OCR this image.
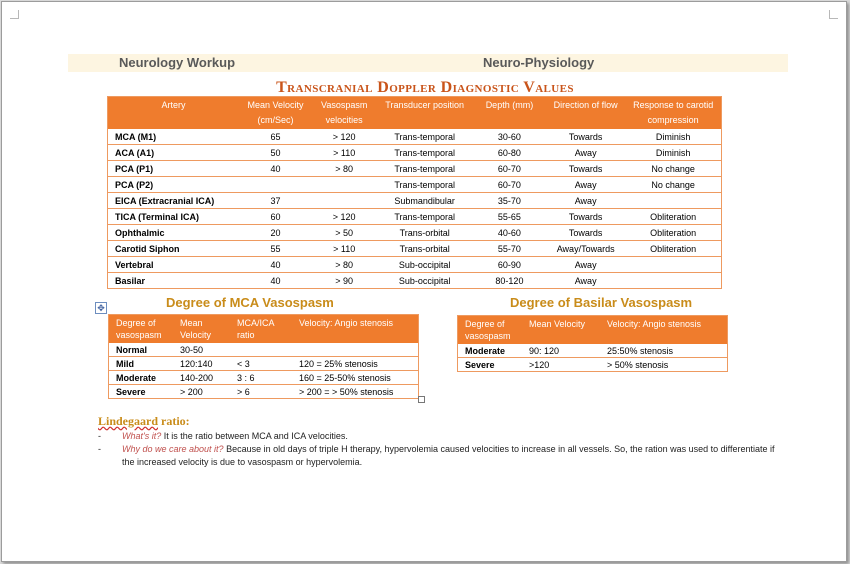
Neurology Workup	Neuro-Physiology
Transcranial Doppler Diagnostic Values
Artery	Mean Velocity (cm/Sec)	Vasospasm velocities	Transducer position	Depth (mm)	Direction of flow	Response to carotid compression
MCA (M1)	65	> 120	Trans-temporal	30-60	Towards	Diminish
ACA (A1)	50	> 110	Trans-temporal	60-80	Away	Diminish
PCA (P1)	40	> 80	Trans-temporal	60-70	Towards	No change
PCA (P2)			Trans-temporal	60-70	Away	No change
EICA (Extracranial ICA)	37		Submandibular	35-70	Away	
TICA (Terminal ICA)	60	> 120	Trans-temporal	55-65	Towards	Obliteration
Ophthalmic	20	> 50	Trans-orbital	40-60	Towards	Obliteration
Carotid Siphon	55	> 110	Trans-orbital	55-70	Away/Towards	Obliteration
Vertebral	40	> 80	Sub-occipital	60-90	Away	
Basilar	40	> 90	Sub-occipital	80-120	Away	
Degree of MCA Vasospasm
✥
Degree of vasospasm	Mean Velocity	MCA/ICA ratio	Velocity: Angio stenosis
Normal	30-50		
Mild	120:140	< 3	120 = 25% stenosis
Moderate	140-200	3 : 6	160 = 25-50% stenosis
Severe	> 200	> 6	> 200 = > 50% stenosis
Degree of Basilar Vasospasm
Degree of vasospasm	Mean Velocity	Velocity: Angio stenosis
Moderate	90: 120	25:50% stenosis
Severe	>120	> 50% stenosis
Lindegaard ratio:
- What's it? It is the ratio between MCA and ICA velocities.
- Why do we care about it? Because in old days of triple H therapy, hypervolemia caused velocities to increase in all vessels. So, the ration was used to differentiate if the increased velocity is due to vasospasm or hypervolemia.
